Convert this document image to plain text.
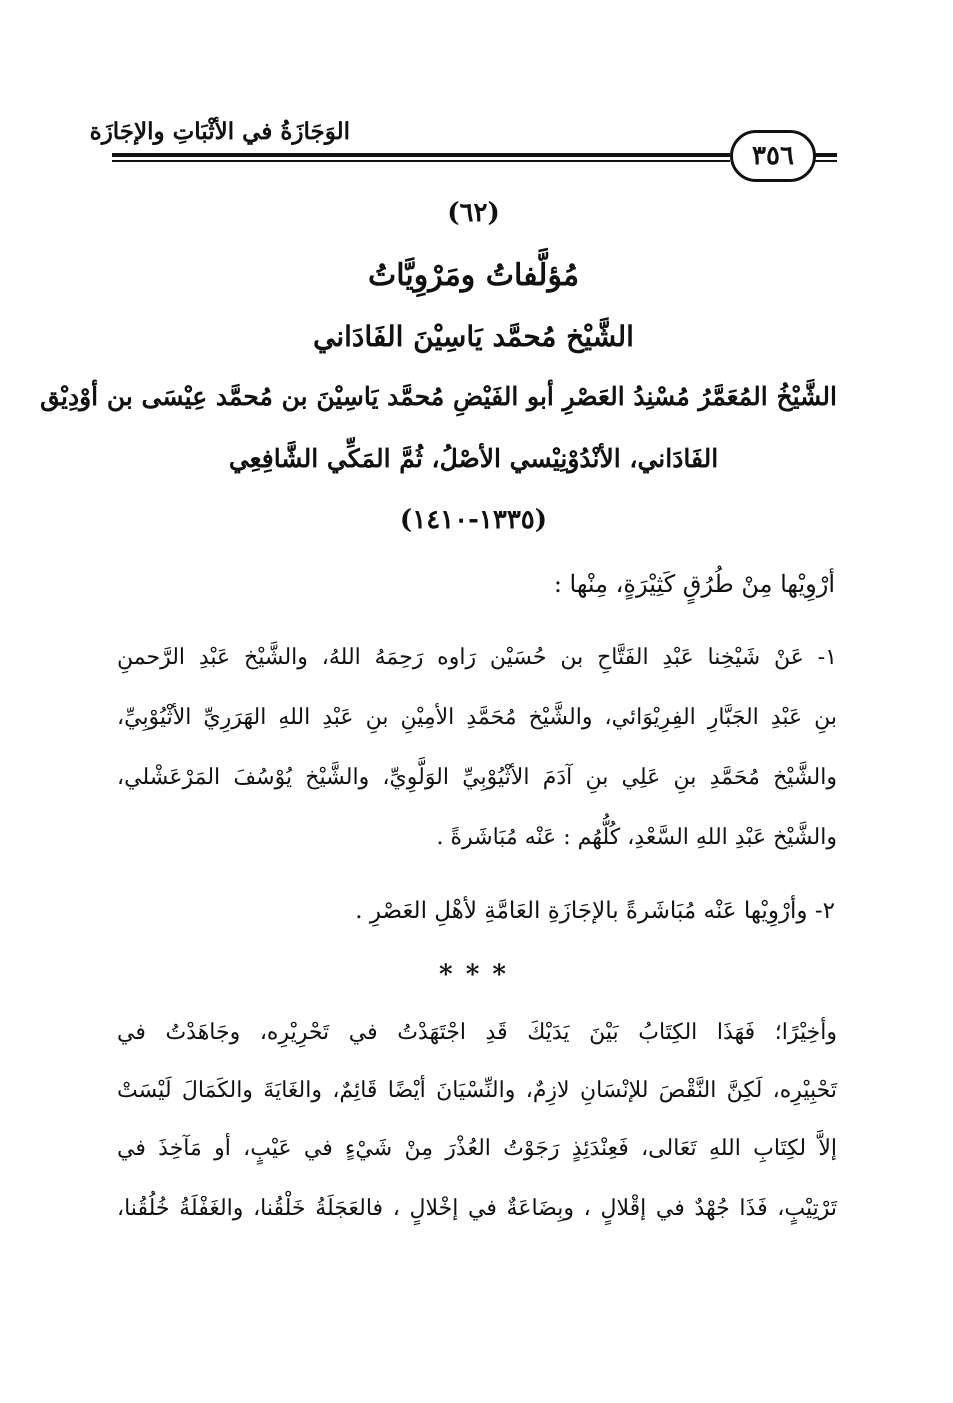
الوَجَازَةُ في الأثْبَاتِ والإجَازَة
٣٥٦
(٦٢)
مُؤلَّفاتُ ومَرْوِيَّاتُ
الشَّيْخ مُحمَّد يَاسِيْنَ الفَادَاني
الشَّيْخُ المُعَمَّرُ مُسْنِدُ العَصْرِ أبو الفَيْضِ مُحمَّد يَاسِيْنَ بن مُحمَّد عِيْسَى بن أوْدِيْق
الفَادَاني، الأنْدُوْنِيْسي الأصْلُ، ثُمَّ المَكِّي الشَّافِعِي
(١٣٣٥-١٤١٠)
أرْوِيْها مِنْ طُرُقٍ كَثِيْرَةٍ، مِنْها :
١- عَنْ شَيْخِنا عَبْدِ الفَتَّاحِ بن حُسَيْن رَاوه رَحِمَهُ اللهُ، والشَّيْخ عَبْدِ الرَّحمنِ
بنِ عَبْدِ الجَبَّارِ الفِرِيْوَائي، والشَّيْخ مُحَمَّدِ الأمِيْنِ بنِ عَبْدِ اللهِ الهَرَرِيِّ الأثْيُوْبِيِّ،
والشَّيْخ مُحَمَّدِ بنِ عَلِي بنِ آدَمَ الأثْيُوْبِيِّ الوَلَّوِيِّ، والشَّيْخ يُوْسُفَ المَرْعَشْلي،
والشَّيْخ عَبْدِ اللهِ السَّعْدِ، كُلُّهُم : عَنْه مُبَاشَرةً .
٢- وأرْوِيْها عَنْه مُبَاشَرةً بالإجَازَةِ العَامَّةِ لأهْلِ العَصْرِ .
* * *
وأخِيْرًا؛ فَهَذَا الكِتَابُ بَيْنَ يَدَيْكَ قَدِ اجْتَهَدْتُ في تَحْرِيْرِه، وجَاهَدْتُ في
تَحْبِيْرِه، لَكِنَّ النَّقْصَ للإنْسَانِ لازِمٌ، والنِّسْيَانَ أيْضًا قَائِمٌ، والغَايَةَ والكَمَالَ لَيْسَتْ
إلاَّ لكِتَابِ اللهِ تَعَالى، فَعِنْدَئِذٍ رَجَوْتُ العُذْرَ مِنْ شَيْءٍ في عَيْبٍ، أو مَآخِذَ في
تَرْتِيْبٍ، فَذَا جُهْدٌ في إقْلالٍ ، وبِضَاعَةٌ في إخْلالٍ ، فالعَجَلَةُ خَلْقُنا، والغَفْلَةُ خُلُقُنا،
